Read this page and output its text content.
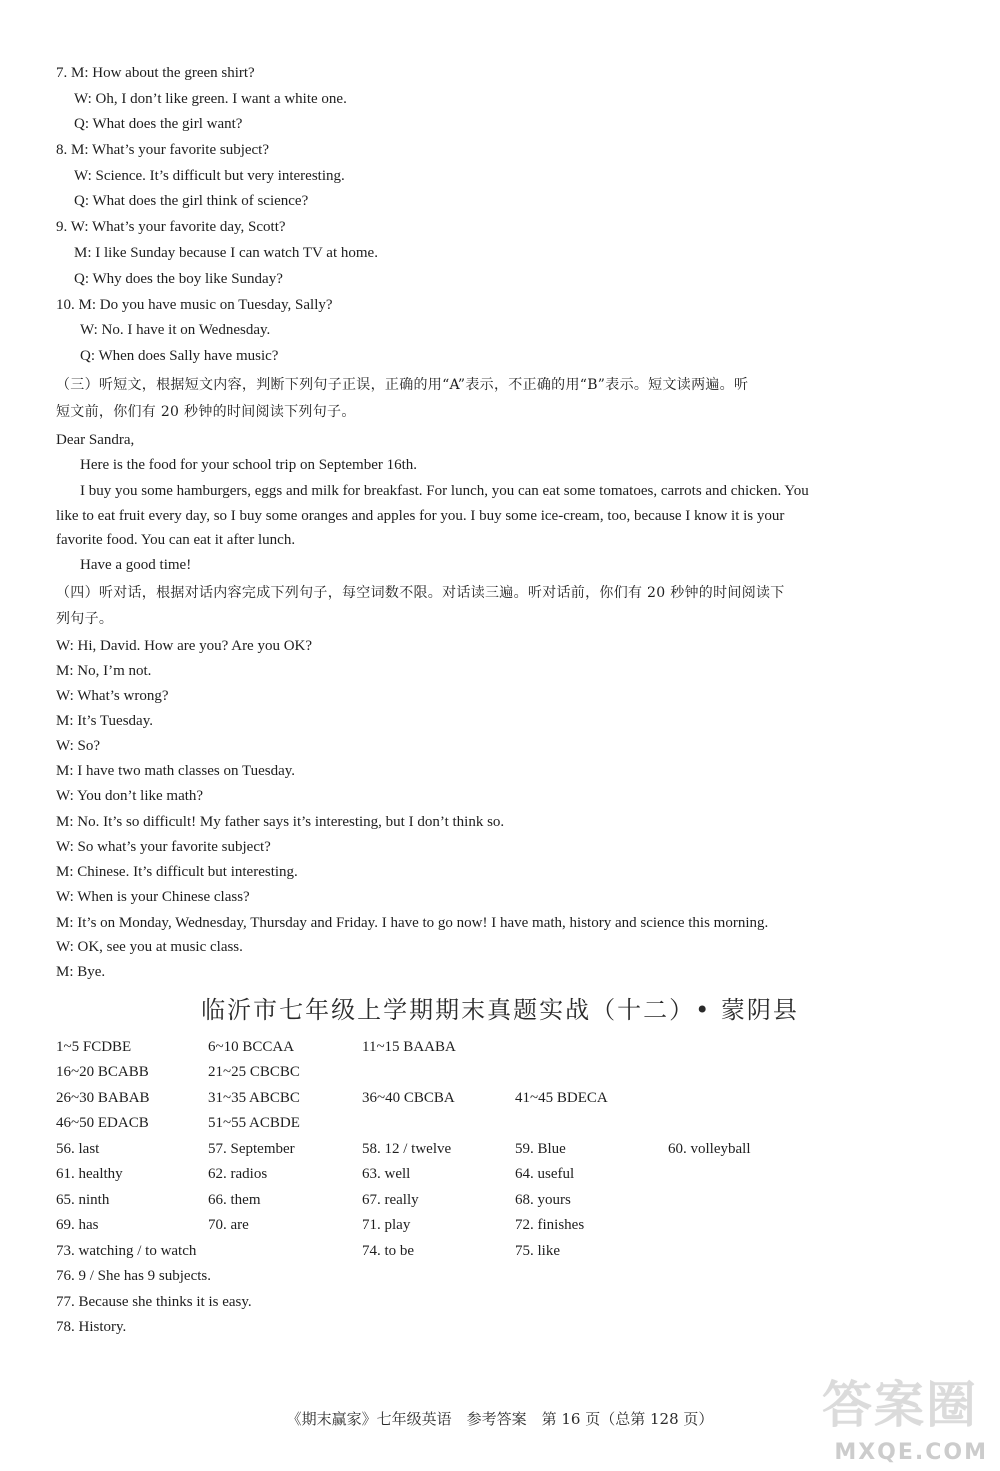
7. M: How about the green shirt?
W: Oh, I don’t like green. I want a white one.
Q: What does the girl want?
8. M: What’s your favorite subject?
W: Science. It’s difficult but very interesting.
Q: What does the girl think of science?
9. W: What’s your favorite day, Scott?
M: I like Sunday because I can watch TV at home.
Q: Why does the boy like Sunday?
10. M: Do you have music on Tuesday, Sally?
W: No. I have it on Wednesday.
Q: When does Sally have music?
（三）听短文，根据短文内容，判断下列句子正误，正确的用“A”表示，不正确的用“B”表示。短文读两遍。听
短文前，你们有 20 秒钟的时间阅读下列句子。
Dear Sandra,
Here is the food for your school trip on September 16th.
I buy you some hamburgers, eggs and milk for breakfast. For lunch, you can eat some tomatoes, carrots and chicken. You
like to eat fruit every day, so I buy some oranges and apples for you. I buy some ice-cream, too, because I know it is your
favorite food. You can eat it after lunch.
Have a good time!
（四）听对话，根据对话内容完成下列句子，每空词数不限。对话读三遍。听对话前，你们有 20 秒钟的时间阅读下
列句子。
W: Hi, David. How are you? Are you OK?
M: No, I’m not.
W: What’s wrong?
M: It’s Tuesday.
W: So?
M: I have two math classes on Tuesday.
W: You don’t like math?
M: No. It’s so difficult! My father says it’s interesting, but I don’t think so.
W: So what’s your favorite subject?
M: Chinese. It’s difficult but interesting.
W: When is your Chinese class?
M: It’s on Monday, Wednesday, Thursday and Friday. I have to go now! I have math, history and science this morning.
W: OK, see you at music class.
M: Bye.
临沂市七年级上学期期末真题实战（十二）• 蒙阴县
1~5 FCDBE	6~10 BCCAA	11~15 BAABA
16~20 BCABB	21~25 CBCBC
26~30 BABAB	31~35 ABCBC	36~40 CBCBA	41~45 BDECA
46~50 EDACB	51~55 ACBDE
56. last	57. September	58. 12 / twelve	59. Blue	60. volleyball
61. healthy	62. radios	63. well	64. useful
65. ninth	66. them	67. really	68. yours
69. has	70. are	71. play	72. finishes
73. watching / to watch	74. to be	75. like
76. 9 / She has 9 subjects.
77. Because she thinks it is easy.
78. History.
《期末赢家》七年级英语　参考答案　第 16 页（总第 128 页）	答案圈
MXQE.COM
